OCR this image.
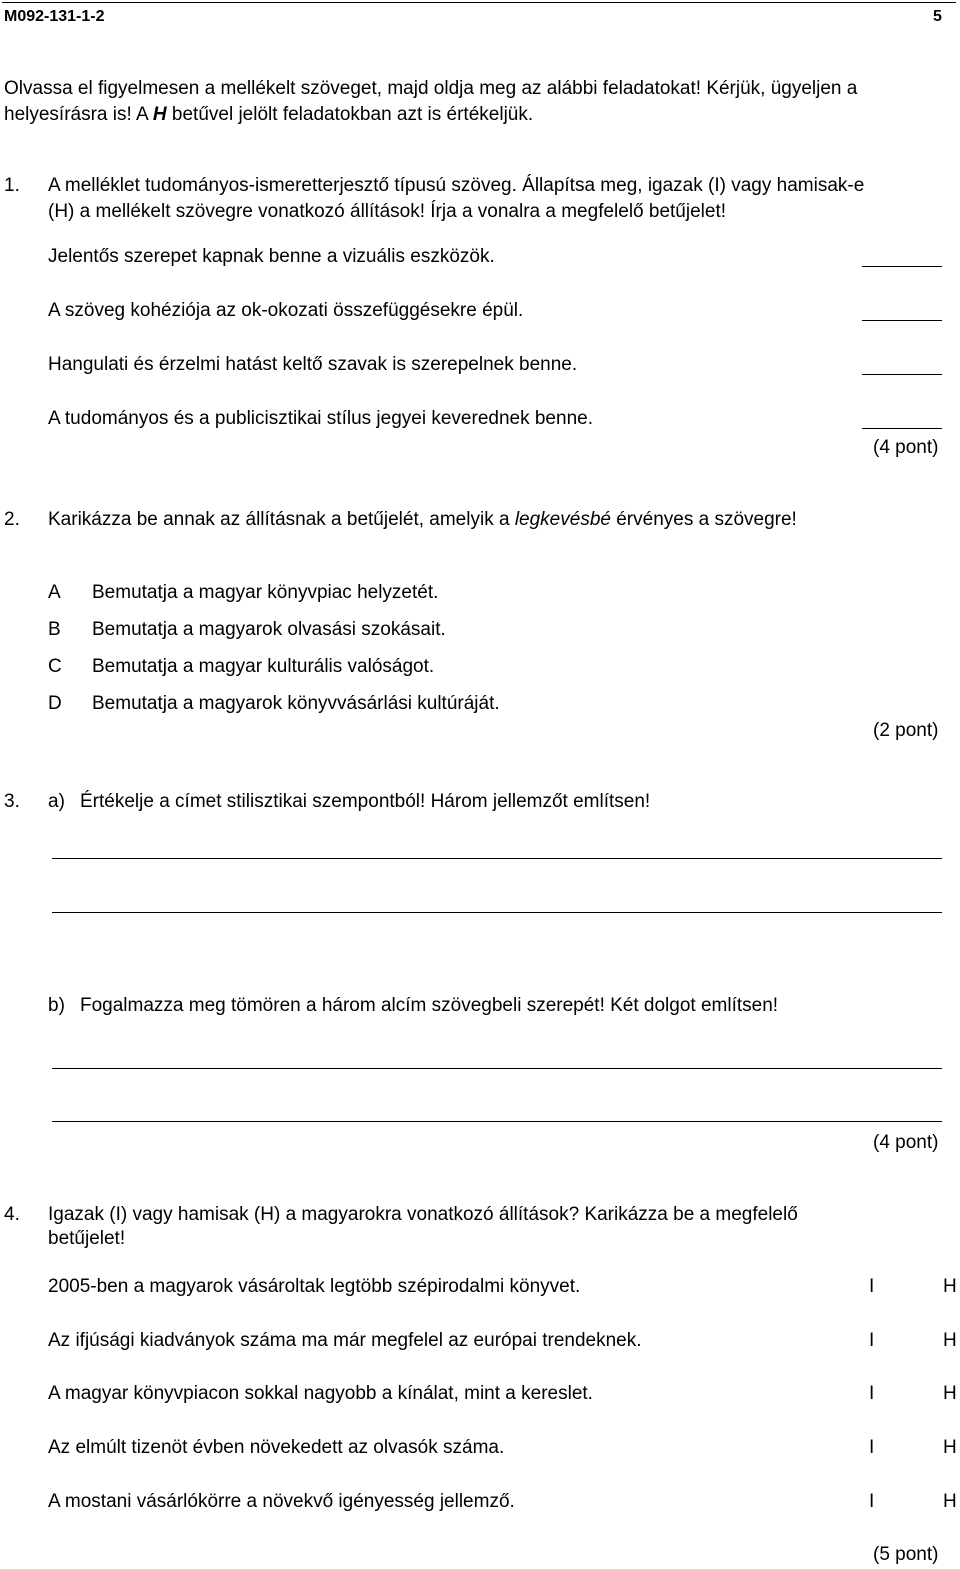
M092-131-1-2	5
Olvassa el figyelmesen a mellékelt szöveget, majd oldja meg az alábbi feladatokat! Kérjük, ügyeljen a
helyesírásra is! A H betűvel jelölt feladatokban azt is értékeljük.
1. A melléklet tudományos-ismeretterjesztő típusú szöveg. Állapítsa meg, igazak (I) vagy hamisak-e
(H) a mellékelt szövegre vonatkozó állítások! Írja a vonalra a megfelelő betűjelet!
Jelentős szerepet kapnak benne a vizuális eszközök.
A szöveg kohéziója az ok-okozati összefüggésekre épül.
Hangulati és érzelmi hatást keltő szavak is szerepelnek benne.
A tudományos és a publicisztikai stílus jegyei keverednek benne.
(4 pont)
2. Karikázza be annak az állításnak a betűjelét, amelyik a legkevésbé érvényes a szövegre!
A Bemutatja a magyar könyvpiac helyzetét.
B Bemutatja a magyarok olvasási szokásait.
C Bemutatja a magyar kulturális valóságot.
D Bemutatja a magyarok könyvvásárlási kultúráját.
(2 pont)
3. a) Értékelje a címet stilisztikai szempontból! Három jellemzőt említsen!
b) Fogalmazza meg tömören a három alcím szövegbeli szerepét! Két dolgot említsen!
(4 pont)
4. Igazak (I) vagy hamisak (H) a magyarokra vonatkozó állítások? Karikázza be a megfelelő
betűjelet!
2005-ben a magyarok vásároltak legtöbb szépirodalmi könyvet.	I	H
Az ifjúsági kiadványok száma ma már megfelel az európai trendeknek.	I	H
A magyar könyvpiacon sokkal nagyobb a kínálat, mint a kereslet.	I	H
Az elmúlt tizenöt évben növekedett az olvasók száma.	I	H
A mostani vásárlókörre a növekvő igényesség jellemző.	I	H
(5 pont)
